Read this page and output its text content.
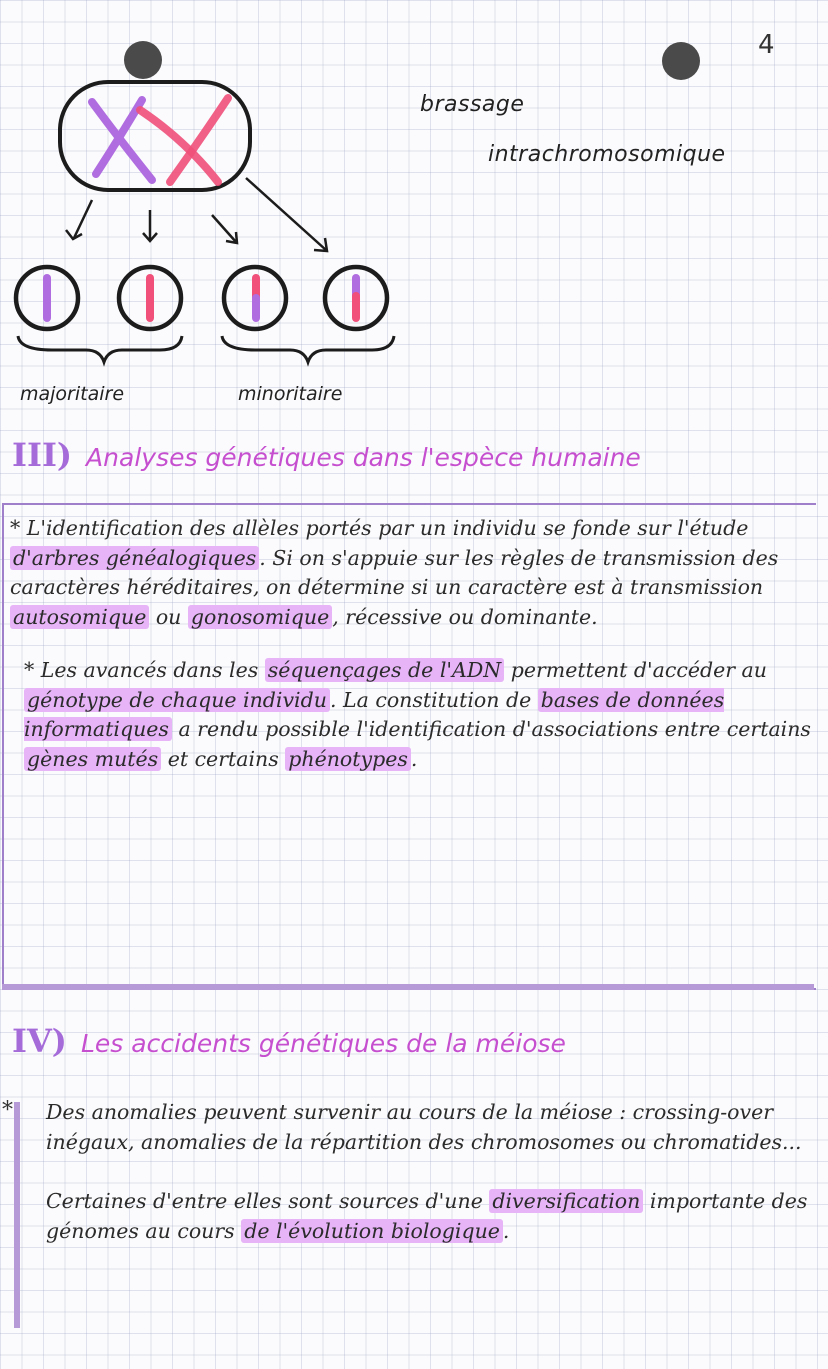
4
brassage
intrachromosomique
majoritaire	minoritaire
III) Analyses génétiques dans l'espèce humaine

* L'identification des allèles portés par un individu se fonde sur l'étude d'arbres généalogiques . Si on s'appuie sur les règles de transmission des caractères héréditaires, on détermine si un caractère est à transmission autosomique ou gonosomique , récessive ou dominante.

* Les avancés dans les séquençages de l'ADN permettent d'accéder au génotype de chaque individu . La constitution de bases de données informatiques a rendu possible l'identification d'associations entre certains gènes mutés et certains phénotypes .

IV) Les accidents génétiques de la méiose
* Des anomalies peuvent survenir au cours de la méiose : crossing-over inégaux, anomalies de la répartition des chromosomes ou chromatides...

Certaines d'entre elles sont sources d'une diversification importante des génomes au cours de l'évolution biologique .
